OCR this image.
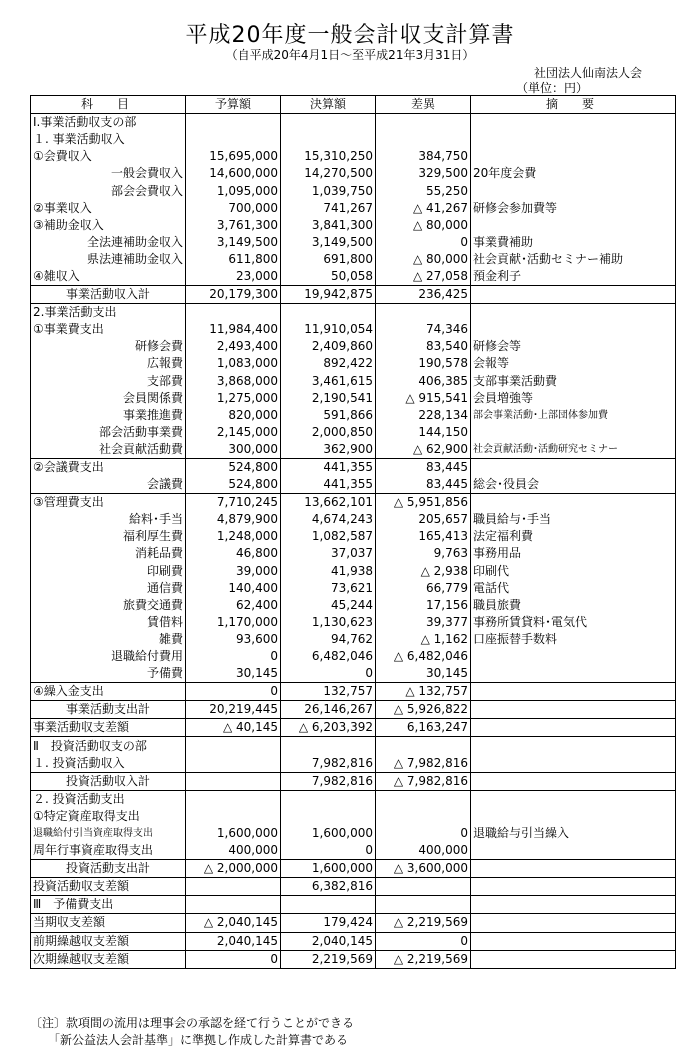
平成20年度一般会計収支計算書
（自平成20年4月1日～至平成21年3月31日）
社団法人仙南法人会
（単位：円）
科　目	予算額	決算額	差異	摘　要
Ⅰ.事業活動収支の部				
１. 事業活動収入				
①会費収入	15,695,000	15,310,250	384,750	
一般会費収入	14,600,000	14,270,500	329,500	20年度会費
部会会費収入	1,095,000	1,039,750	55,250	
②事業収入	700,000	741,267	△ 41,267	研修会参加費等
③補助金収入	3,761,300	3,841,300	△ 80,000	
全法連補助金収入	3,149,500	3,149,500	0	事業費補助
県法連補助金収入	611,800	691,800	△ 80,000	社会貢献･活動セミナー補助
④雑収入	23,000	50,058	△ 27,058	預金利子
事業活動収入計	20,179,300	19,942,875	236,425	
2.事業活動支出				
①事業費支出	11,984,400	11,910,054	74,346	
研修会費	2,493,400	2,409,860	83,540	研修会等
広報費	1,083,000	892,422	190,578	会報等
支部費	3,868,000	3,461,615	406,385	支部事業活動費
会員関係費	1,275,000	2,190,541	△ 915,541	会員増強等
事業推進費	820,000	591,866	228,134	部会事業活動･上部団体参加費
部会活動事業費	2,145,000	2,000,850	144,150	
社会貢献活動費	300,000	362,900	△ 62,900	社会貢献活動･活動研究セミナー
②会議費支出	524,800	441,355	83,445	
会議費	524,800	441,355	83,445	総会･役員会
③管理費支出	7,710,245	13,662,101	△ 5,951,856	
給料･手当	4,879,900	4,674,243	205,657	職員給与･手当
福利厚生費	1,248,000	1,082,587	165,413	法定福利費
消耗品費	46,800	37,037	9,763	事務用品
印刷費	39,000	41,938	△ 2,938	印刷代
通信費	140,400	73,621	66,779	電話代
旅費交通費	62,400	45,244	17,156	職員旅費
賃借料	1,170,000	1,130,623	39,377	事務所賃貸料･電気代
雑費	93,600	94,762	△ 1,162	口座振替手数料
退職給付費用	0	6,482,046	△ 6,482,046	
予備費	30,145	0	30,145	
④繰入金支出	0	132,757	△ 132,757	
事業活動支出計	20,219,445	26,146,267	△ 5,926,822	
事業活動収支差額	△ 40,145	△ 6,203,392	6,163,247	
Ⅱ　投資活動収支の部				
１. 投資活動収入		7,982,816	△ 7,982,816	
投資活動収入計		7,982,816	△ 7,982,816	
２. 投資活動支出				
①特定資産取得支出				
退職給付引当資産取得支出	1,600,000	1,600,000	0	退職給与引当繰入
周年行事資産取得支出	400,000	0	400,000	
投資活動支出計	△ 2,000,000	1,600,000	△ 3,600,000	
投資活動収支差額		6,382,816		
Ⅲ　予備費支出				
当期収支差額	△ 2,040,145	179,424	△ 2,219,569	
前期繰越収支差額	2,040,145	2,040,145	0	
次期繰越収支差額	0	2,219,569	△ 2,219,569	
〔注〕款項間の流用は理事会の承認を経て行うことができる
　　「新公益法人会計基準」に準拠し作成した計算書である
